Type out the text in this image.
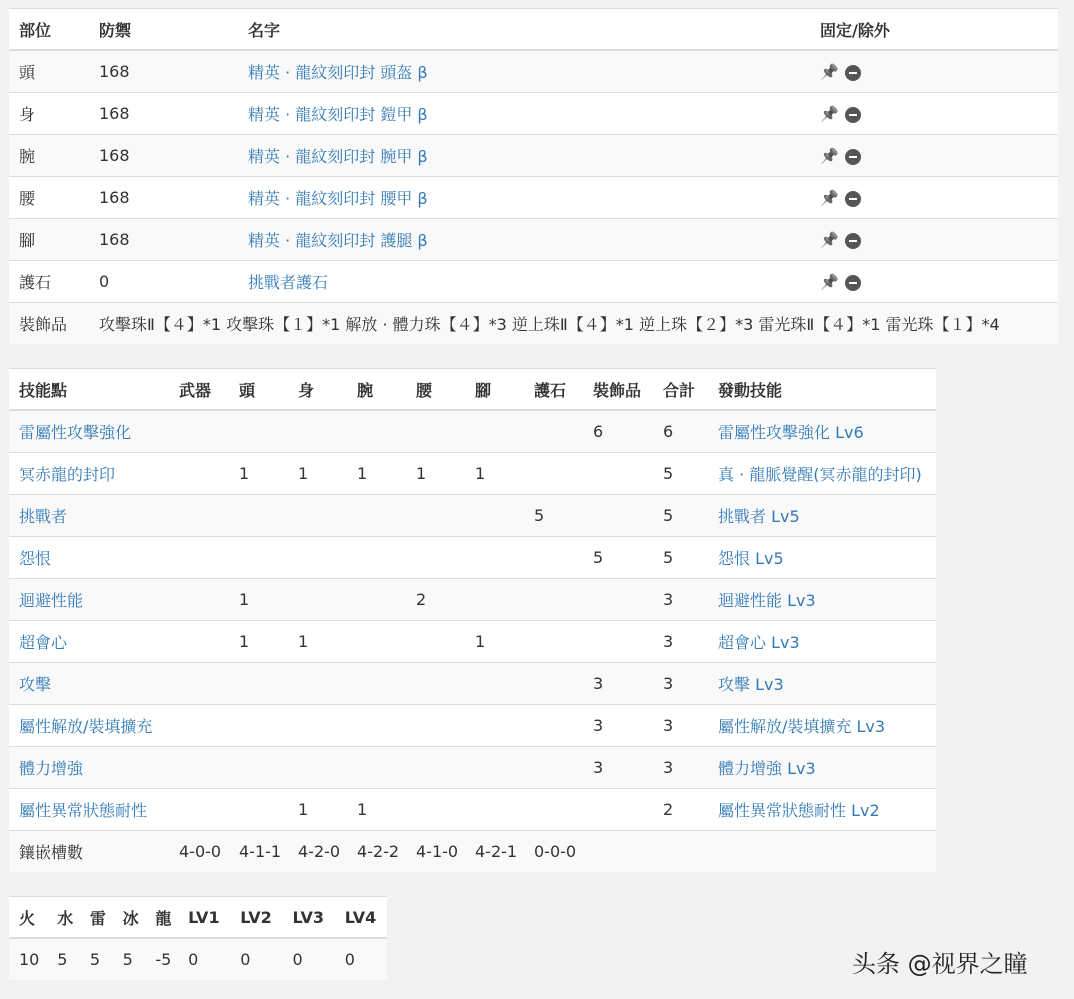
部位	防禦	名字	固定/除外
頭	168	精英 · 龍紋刻印封 頭盔 β	📌

身	168	精英 · 龍紋刻印封 鎧甲 β	📌

腕	168	精英 · 龍紋刻印封 腕甲 β	📌

腰	168	精英 · 龍紋刻印封 腰甲 β	📌

腳	168	精英 · 龍紋刻印封 護腿 β	📌

護石	0	挑戰者護石	📌

裝飾品	攻擊珠Ⅱ【４】*1 攻擊珠【１】*1 解放 · 體力珠【４】*3 逆上珠Ⅱ【４】*1 逆上珠【２】*3 雷光珠Ⅱ【４】*1 雷光珠【１】*4		
技能點	武器	頭	身	腕	腰	腳	護石	裝飾品	合計	發動技能
雷屬性攻擊強化								6	6	雷屬性攻擊強化 Lv6
冥赤龍的封印		1	1	1	1	1			5	真 · 龍脈覺醒(冥赤龍的封印)
挑戰者							5		5	挑戰者 Lv5
怨恨								5	5	怨恨 Lv5
迴避性能		1			2				3	迴避性能 Lv3
超會心		1	1			1			3	超會心 Lv3
攻擊								3	3	攻擊 Lv3
屬性解放/裝填擴充								3	3	屬性解放/裝填擴充 Lv3
體力增強								3	3	體力增強 Lv3
屬性異常狀態耐性			1	1					2	屬性異常狀態耐性 Lv2
鑲嵌槽數	4-0-0	4-1-1	4-2-0	4-2-2	4-1-0	4-2-1	0-0-0			
火	水	雷	冰	龍	LV1	LV2	LV3	LV4
10	5	5	5	-5	0	0	0	0	头条 @视界之瞳
